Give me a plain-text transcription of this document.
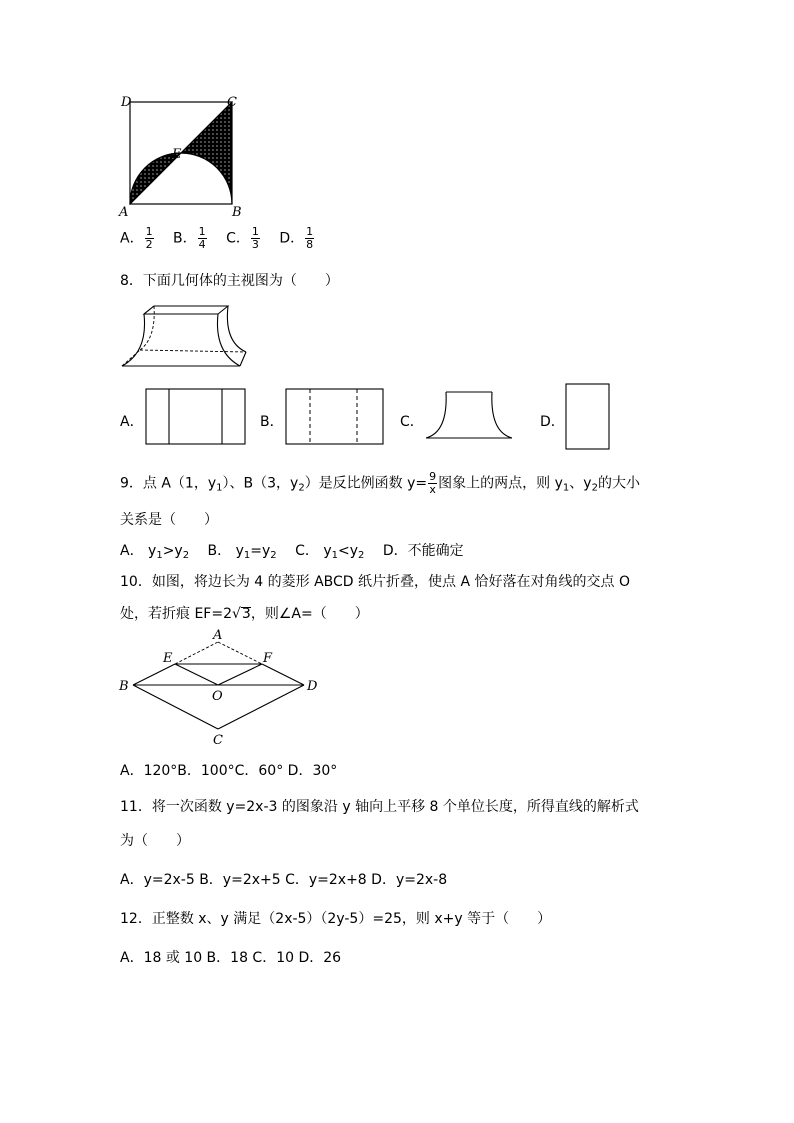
D	C
E
A	B
A． $\frac{1}{2}$ B． $\frac{1}{4}$ C． $\frac{1}{3}$ D． $\frac{1}{8}$
8．下面几何体的主视图为（　　）
A．	B．	C．	D．
9．点 A（1，$y_1$）、B（3，$y_2$）是反比例函数 $y= \frac{9}{x}$ 图象上的两点，则 $y_1$、$y_2$的大小
关系是（　　）
A． $y_1>y_2$ B． $y_1=y_2$ C． $y_1<y_2$ D．不能确定
10．如图，将边长为 4 的菱形 ABCD 纸片折叠，使点 A 恰好落在对角线的交点 O
处，若折痕 EF=2√3，则∠A=（　　）
A
E	F
B
O
D
C
A．120°B．100°C．60° D．30°
11．将一次函数 y=2x-3 的图象沿 y 轴向上平移 8 个单位长度，所得直线的解析式
为（　　）
A．y=2x-5 B．y=2x+5 C．y=2x+8 D．y=2x-8
12．正整数 x、y 满足（2x-5）（2y-5）=25，则 x+y 等于（　　）
A．18 或 10 B．18 C．10 D．26
